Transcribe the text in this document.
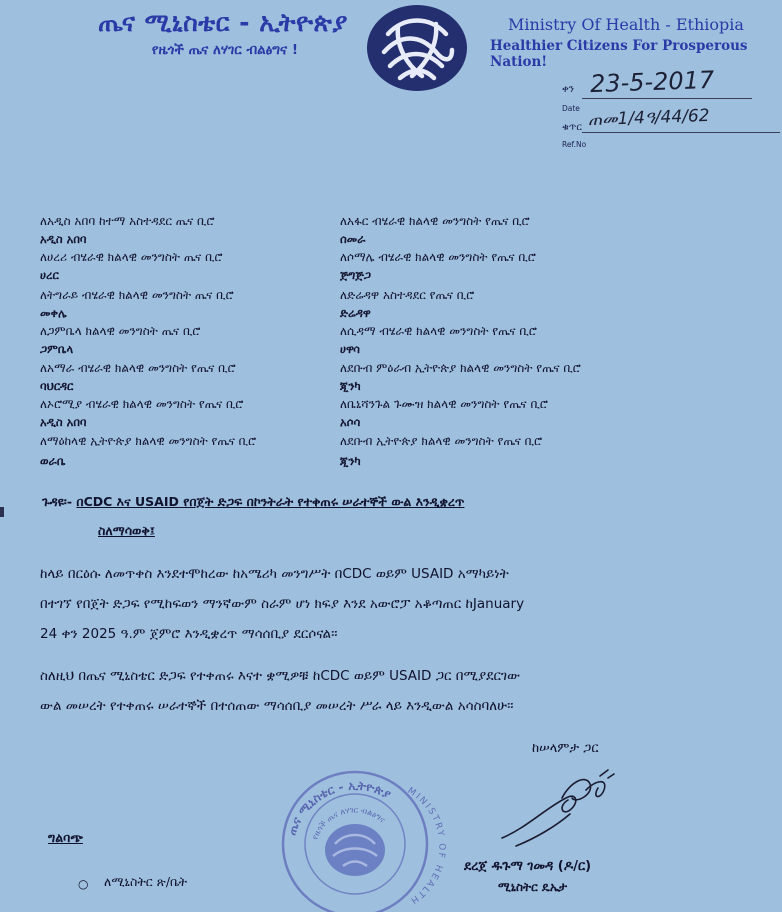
ጤና ሚኒስቴር - ኢትዮጵያ
የዜጎች ጤና ለሃገር ብልፅግና !
Ministry Of Health - Ethiopia
Healthier Citizens For Prosperous Nation!
ቀን 23-5-2017
Date
ቁጥር ጠመ1/4ዓ/44/62
Ref.No
ለአዲስ አበባ ከተማ አስተዳደር ጤና ቢሮ
አዲስ አበባ
ለሀረሪ ብሄራዊ ክልላዊ መንግስት ጤና ቢሮ
ሀረር
ለትግራይ ብሄራዊ ክልላዊ መንግስት ጤና ቢሮ
መቀሌ
ለጋምቤላ ክልላዊ መንግስት ጤና ቢሮ
ጋምቤላ
ለአማራ ብሄራዊ ክልላዊ መንግስት የጤና ቢሮ
ባህርዳር
ለኦሮሚያ ብሄራዊ ክልላዊ መንግስት የጤና ቢሮ
አዲስ አበባ
ለማዕከላዊ ኢትዮጵያ ክልላዊ መንግስት የጤና ቢሮ
ወራቤ
ለአፋር ብሄራዊ ክልላዊ መንግስት የጤና ቢሮ
ሰመራ
ለሶማሌ ብሄራዊ ክልላዊ መንግስት የጤና ቢሮ
ጅግጅጋ
ለድሬዳዋ አስተዳደር የጤና ቢሮ
ድሬዳዋ
ለሲዳማ ብሄራዊ ክልላዊ መንግስት የጤና ቢሮ
ሀዋሳ
ለደቡብ ምዕራብ ኢትዮጵያ ክልላዊ መንግስት የጤና ቢሮ
ጂንካ
ለቤኒሻንጉል ጉሙዝ ክልላዊ መንግስት የጤና ቢሮ
አሶሳ
ለደቡብ ኢትዮጵያ ክልላዊ መንግስት የጤና ቢሮ
ጂንካ
ጉዳዩ፡- በCDC እና USAID የበጀት ድጋፍ በኮንትራት የተቀጠሩ ሠራተኞች ውል እንዲቋረጥ
ስለማሳወቅ፤
ከላይ በርዕሱ ለመጥቀስ እንደተሞከረው ከአሜሪካ መንግሥት በCDC ወይም USAID አማካይነት
በተገኘ የበጀት ድጋፍ የሚከፍወን ማንኛውም ስራም ሆነ ክፍያ እንደ አውሮፓ አቆጣጠር ከJanuary
24 ቀን 2025 ዓ.ም ጀምሮ እንዲቋረጥ ማሳሰቢያ ደርሶናል፡፡
ስለዚህ በጤና ሚኒስቴር ድጋፍ የተቀጠሩ እናተ ቋሚዎቹ ከCDC ወይም USAID ጋር በሚያደርገው
ውል መሠረት የተቀጠሩ ሠራተኞች በተሰጠው ማሳሰቢያ መሠረት ሥራ ላይ እንዲውል አሳስባለሁ፡፡
ከሠላምታ ጋር
ጤና ሚኒስቴር - ኢትዮጵያ
የዜጎች ጤና ለሃገር ብልፅግና
MINISTRY OF HEALTH
ደረጀ ዱጉማ ገመዳ (ዶ/ር)
ሚኒስትር ዴኤታ
ግልባጭ
○ ለሚኒስትር ጽ/ቤት
